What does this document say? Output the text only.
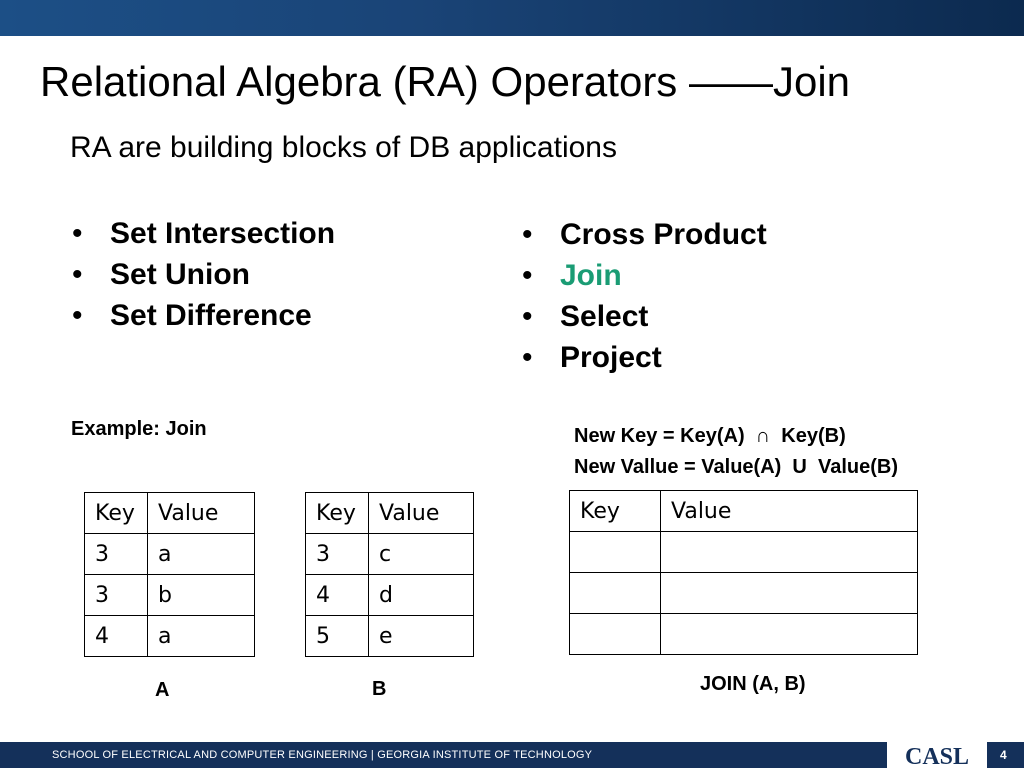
Relational Algebra (RA) Operators ——Join
RA are building blocks of DB applications
• Set Intersection
• Set Union
• Set Difference
• Cross Product
• Join
• Select
• Project
Example: Join	New Key = Key(A)  ∩  Key(B)
New Vallue = Value(A)  U  Value(B)
Key	Value
3	a
3	b
4	a
Key	Value
3	c
4	d
5	e
Key	Value

A	B	JOIN (A, B)
SCHOOL OF ELECTRICAL AND COMPUTER ENGINEERING | GEORGIA INSTITUTE OF TECHNOLOGY	CASL	4
